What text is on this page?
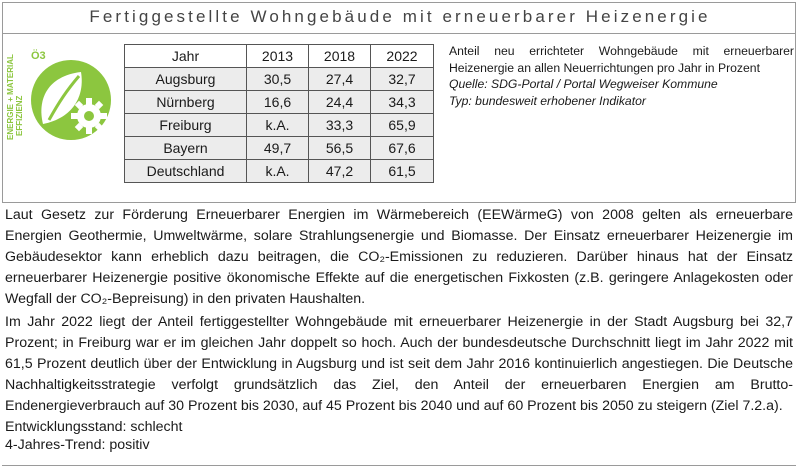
Fertiggestellte Wohngebäude mit erneuerbarer Heizenergie
ENERGIE + MATERIAL EFFIZIENZ
Ö3	Jahr	2013	2018	2022
Augsburg	30,5	27,4	32,7
Nürnberg	16,6	24,4	34,3
Freiburg	k.A.	33,3	65,9
Bayern	49,7	56,5	67,6
Deutschland	k.A.	47,2	61,5
Anteil neu errichteter Wohngebäude mit erneuerbarer Heizenergie an allen Neuerrichtungen pro Jahr in Prozent
Quelle: SDG-Portal / Portal Wegweiser Kommune
Typ: bundesweit erhobener Indikator
Laut Gesetz zur Förderung Erneuerbarer Energien im Wärmebereich (EEWärmeG) von 2008 gelten als erneuerbare Energien Geothermie, Umweltwärme, solare Strahlungsenergie und Biomasse. Der Einsatz erneuerbarer Heizenergie im Gebäudesektor kann erheblich dazu beitragen, die CO₂-Emissionen zu reduzieren. Darüber hinaus hat der Einsatz erneuerbarer Heizenergie positive ökonomische Effekte auf die energetischen Fixkosten (z.B. geringere Anlagekosten oder Wegfall der CO₂-Bepreisung) in den privaten Haushalten.
Im Jahr 2022 liegt der Anteil fertiggestellter Wohngebäude mit erneuerbarer Heizenergie in der Stadt Augsburg bei 32,7 Prozent; in Freiburg war er im gleichen Jahr doppelt so hoch. Auch der bundesdeutsche Durchschnitt liegt im Jahr 2022 mit 61,5 Prozent deutlich über der Entwicklung in Augsburg und ist seit dem Jahr 2016 kontinuierlich angestiegen. Die Deutsche Nachhaltigkeitsstrategie verfolgt grundsätzlich das Ziel, den Anteil der erneuerbaren Energien am Brutto-Endenergieverbrauch auf 30 Prozent bis 2030, auf 45 Prozent bis 2040 und auf 60 Prozent bis 2050 zu steigern (Ziel 7.2.a).
Entwicklungsstand: schlecht
4-Jahres-Trend: positiv
